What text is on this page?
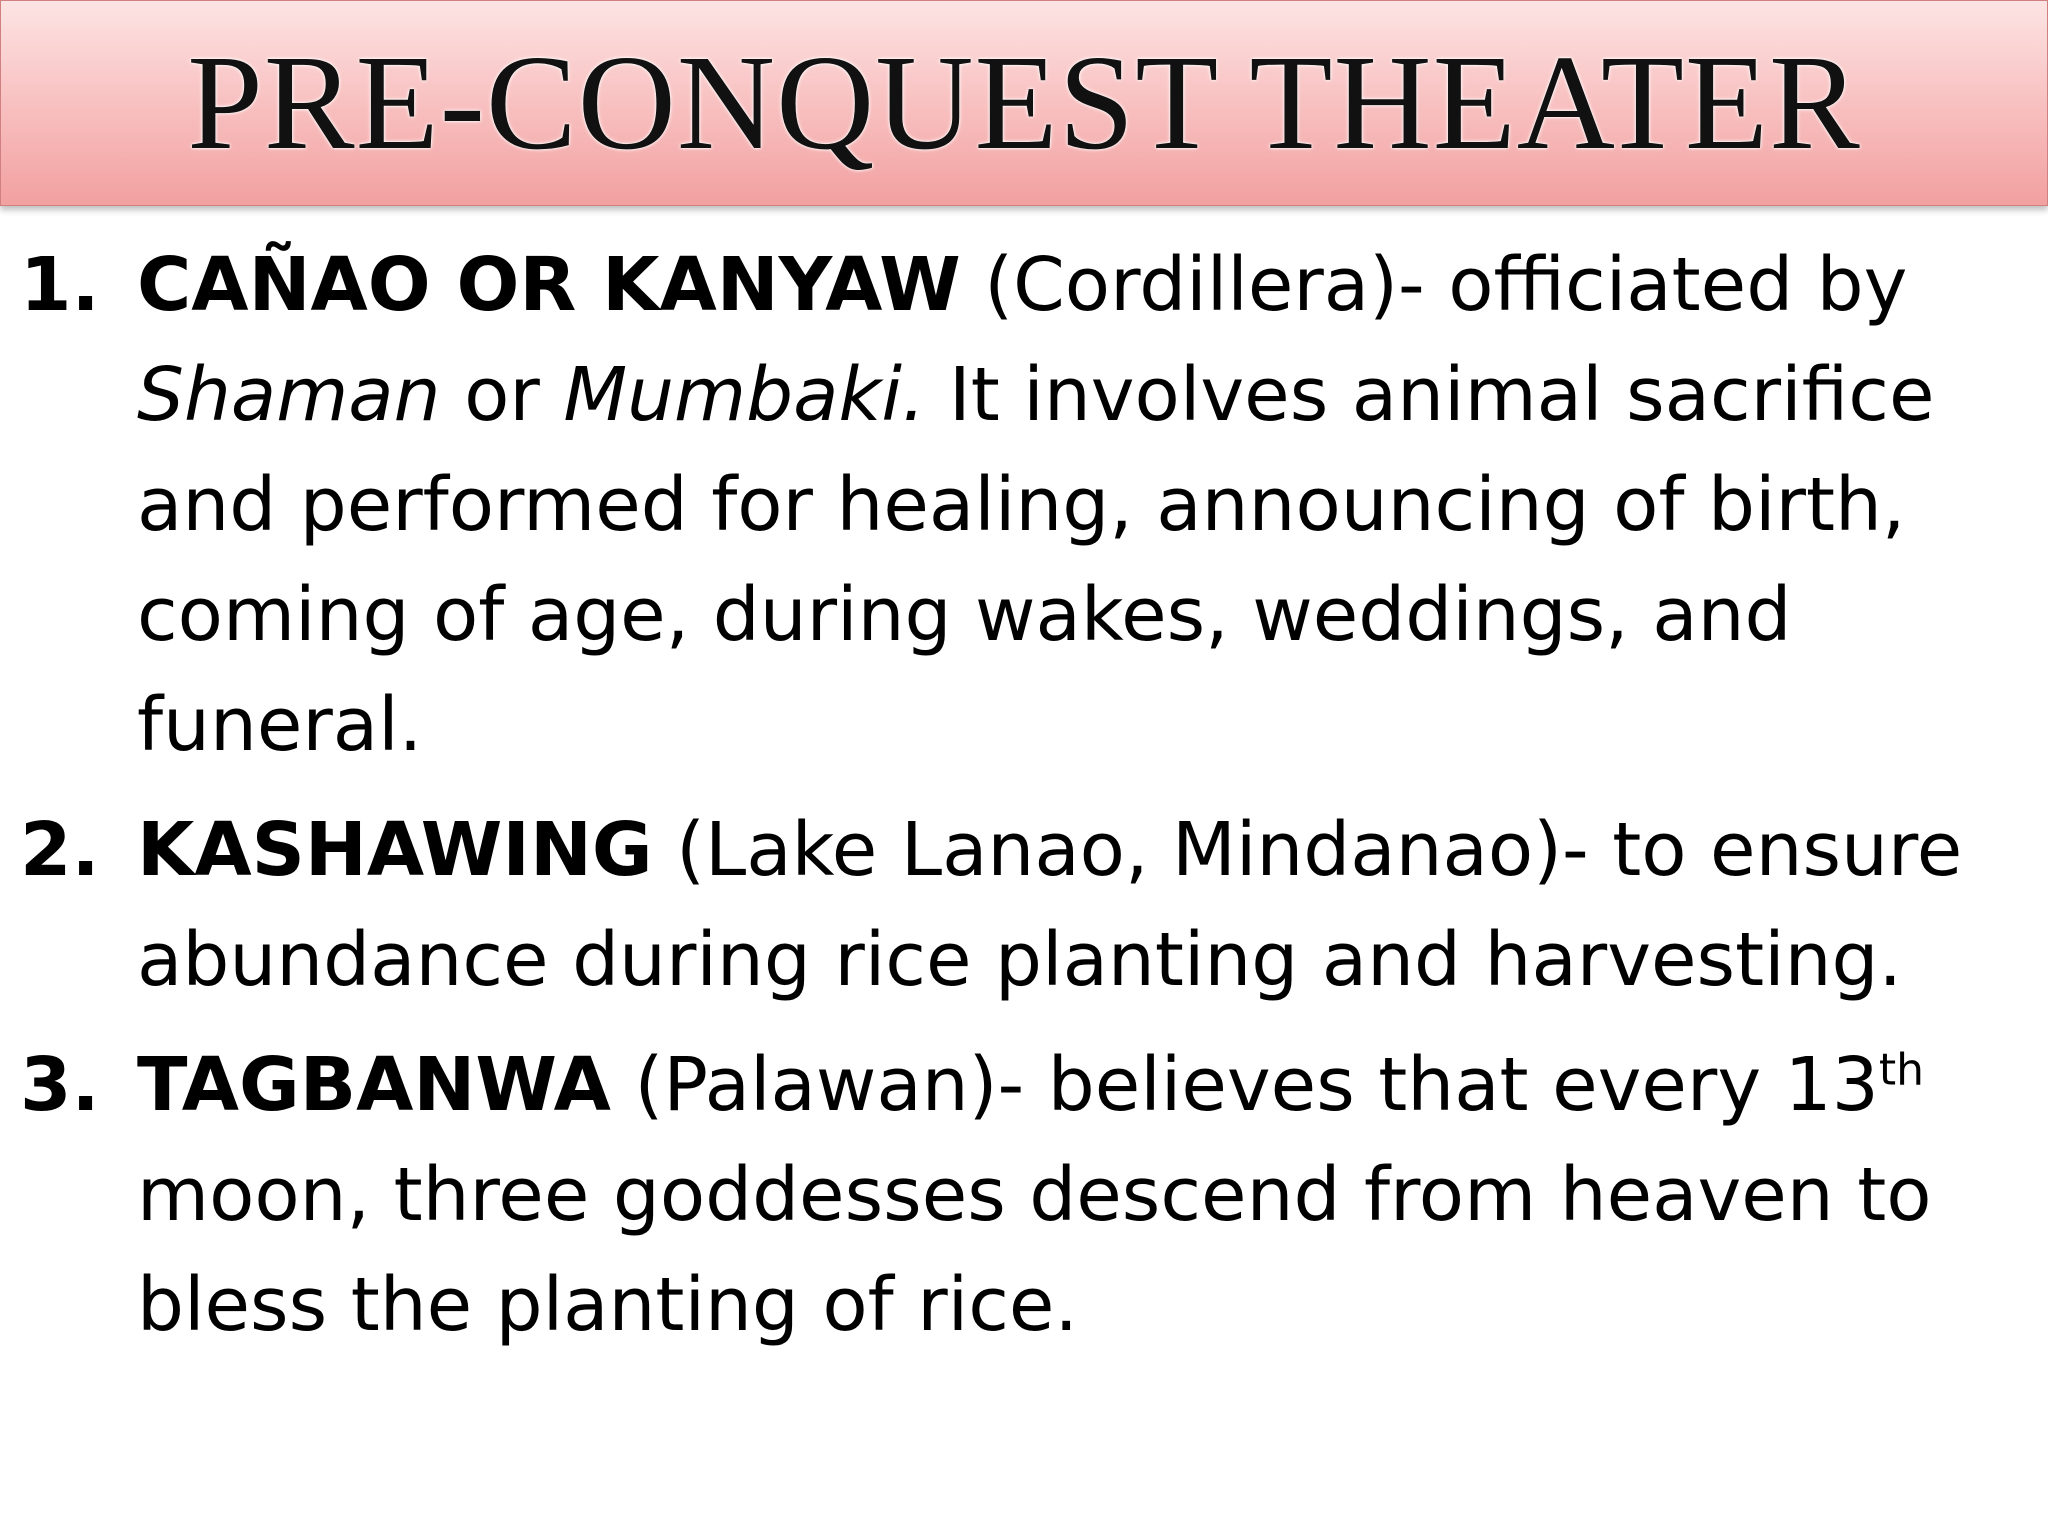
PRE-CONQUEST THEATER
1. CAÑAO OR KANYAW (Cordillera)- officiated by
Shaman or Mumbaki. It involves animal sacrifice
and performed for healing, announcing of birth,
coming of age, during wakes, weddings, and
funeral.
2. KASHAWING (Lake Lanao, Mindanao)- to ensure
abundance during rice planting and harvesting.
3. TAGBANWA (Palawan)- believes that every 13th
moon, three goddesses descend from heaven to
bless the planting of rice.
